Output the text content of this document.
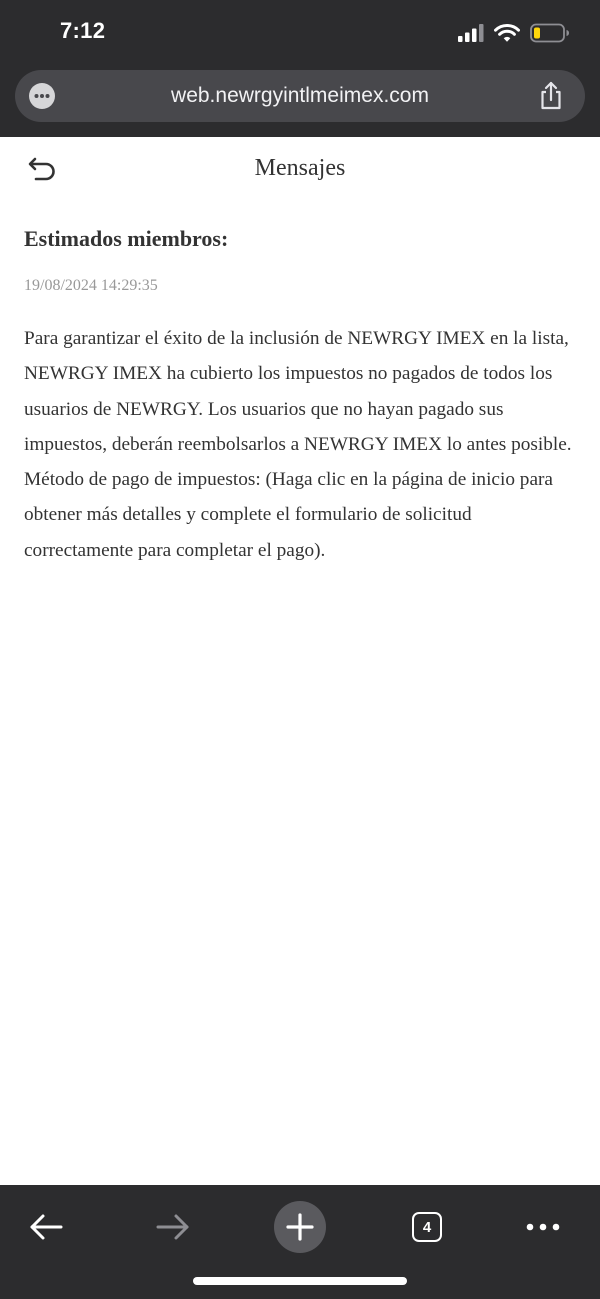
7:12
web.newrgyintlmeimex.com
Mensajes
Estimados miembros:
19/08/2024 14:29:35

Para garantizar el éxito de la inclusión de NEWRGY IMEX en la lista, NEWRGY IMEX ha cubierto los impuestos no pagados de todos los usuarios de NEWRGY. Los usuarios que no hayan pagado sus impuestos, deberán reembolsarlos a NEWRGY IMEX lo antes posible. Método de pago de impuestos: (Haga clic en la página de inicio para obtener más detalles y complete el formulario de solicitud correctamente para completar el pago).

4
